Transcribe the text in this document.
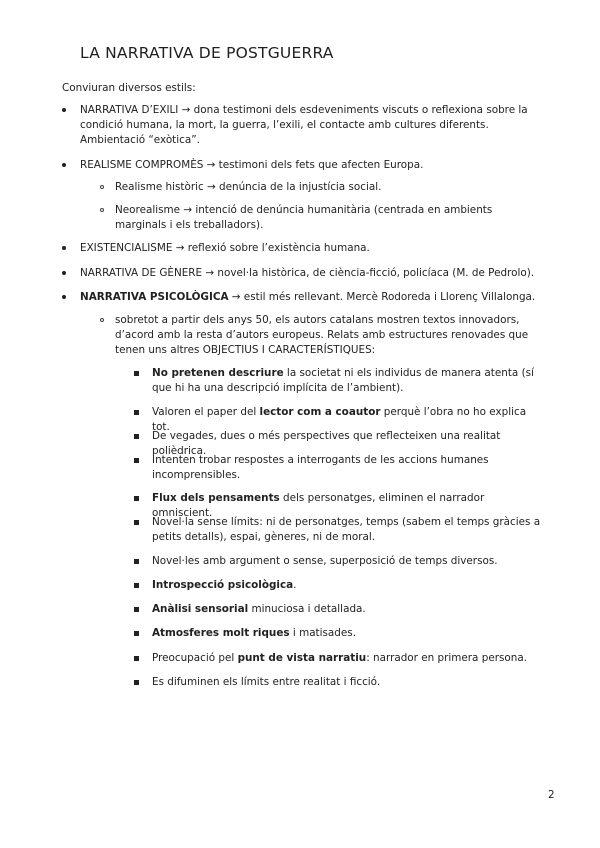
LA NARRATIVA DE POSTGUERRA
Conviuran diversos estils:
NARRATIVA D’EXILI → dona testimoni dels esdeveniments viscuts o reflexiona sobre la condició humana, la mort, la guerra, l’exili, el contacte amb cultures diferents. Ambientació “exòtica”.
REALISME COMPROMÈS → testimoni dels fets que afecten Europa.
Realisme històric → denúncia de la injustícia social.
Neorealisme → intenció de denúncia humanitària (centrada en ambients marginals i els treballadors).
EXISTENCIALISME → reflexió sobre l’existència humana.
NARRATIVA DE GÈNERE → novel·la històrica, de ciència-ficció, policíaca (M. de Pedrolo).
NARRATIVA PSICOLÒGICA → estil més rellevant. Mercè Rodoreda i Llorenç Villalonga.
sobretot a partir dels anys 50, els autors catalans mostren textos innovadors, d’acord amb la resta d’autors europeus. Relats amb estructures renovades que tenen uns altres OBJECTIUS I CARACTERÍSTIQUES:
No pretenen descriure la societat ni els individus de manera atenta (sí que hi ha una descripció implícita de l’ambient).
Valoren el paper del lector com a coautor perquè l’obra no ho explica tot.
De vegades, dues o més perspectives que reflecteixen una realitat polièdrica.
Intenten trobar respostes a interrogants de les accions humanes incomprensibles.
Flux dels pensaments dels personatges, eliminen el narrador omniscient.
Novel·la sense límits: ni de personatges, temps (sabem el temps gràcies a petits detalls), espai, gèneres, ni de moral.
Novel·les amb argument o sense, superposició de temps diversos.
Introspecció psicològica.
Anàlisi sensorial minuciosa i detallada.
Atmosferes molt riques i matisades.
Preocupació pel punt de vista narratiu: narrador en primera persona.
Es difuminen els límits entre realitat i ficció.
2
